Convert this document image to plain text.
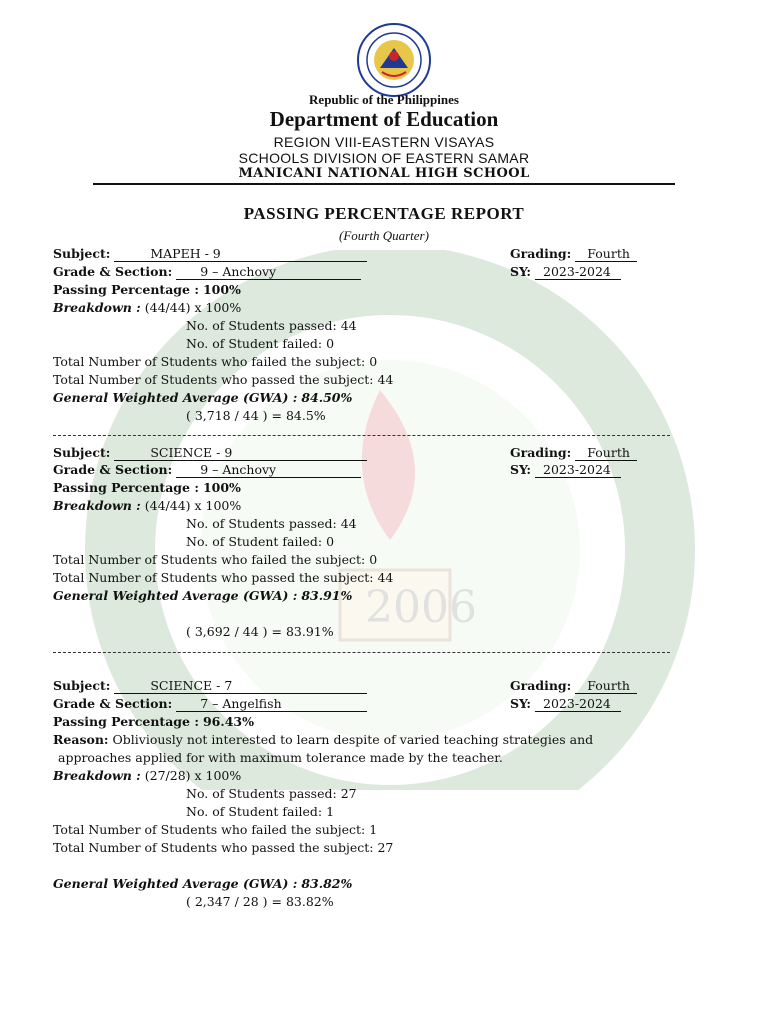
2006
Republic of the Philippines
Department of Education
REGION VIII-EASTERN VISAYAS
SCHOOLS DIVISION OF EASTERN SAMAR
MANICANI NATIONAL HIGH SCHOOL
PASSING PERCENTAGE REPORT
(Fourth Quarter)
Subject:	MAPEH - 9	Grading: Fourth
Grade & Section: 9 – Anchovy	SY: 2023-2024
Passing Percentage : 100%
Breakdown : (44/44) x 100%
No. of Students passed: 44
No. of Student failed: 0
Total Number of Students who failed the subject: 0
Total Number of Students who passed the subject: 44
General Weighted Average (GWA) : 84.50%
( 3,718 / 44 ) = 84.5%
Subject:	SCIENCE - 9	Grading: Fourth
Grade & Section: 9 – Anchovy	SY: 2023-2024
Passing Percentage : 100%
Breakdown : (44/44) x 100%
No. of Students passed: 44
No. of Student failed: 0
Total Number of Students who failed the subject: 0
Total Number of Students who passed the subject: 44
General Weighted Average (GWA) : 83.91%
( 3,692 / 44 ) = 83.91%
Subject:	SCIENCE - 7	Grading: Fourth
Grade & Section: 7 – Angelfish	SY: 2023-2024
Passing Percentage : 96.43%
Reason: Obliviously not interested to learn despite of varied teaching strategies and
approaches applied for with maximum tolerance made by the teacher.
Breakdown : (27/28) x 100%
No. of Students passed: 27
No. of Student failed: 1
Total Number of Students who failed the subject: 1
Total Number of Students who passed the subject: 27
General Weighted Average (GWA) : 83.82%
( 2,347 / 28 ) = 83.82%
